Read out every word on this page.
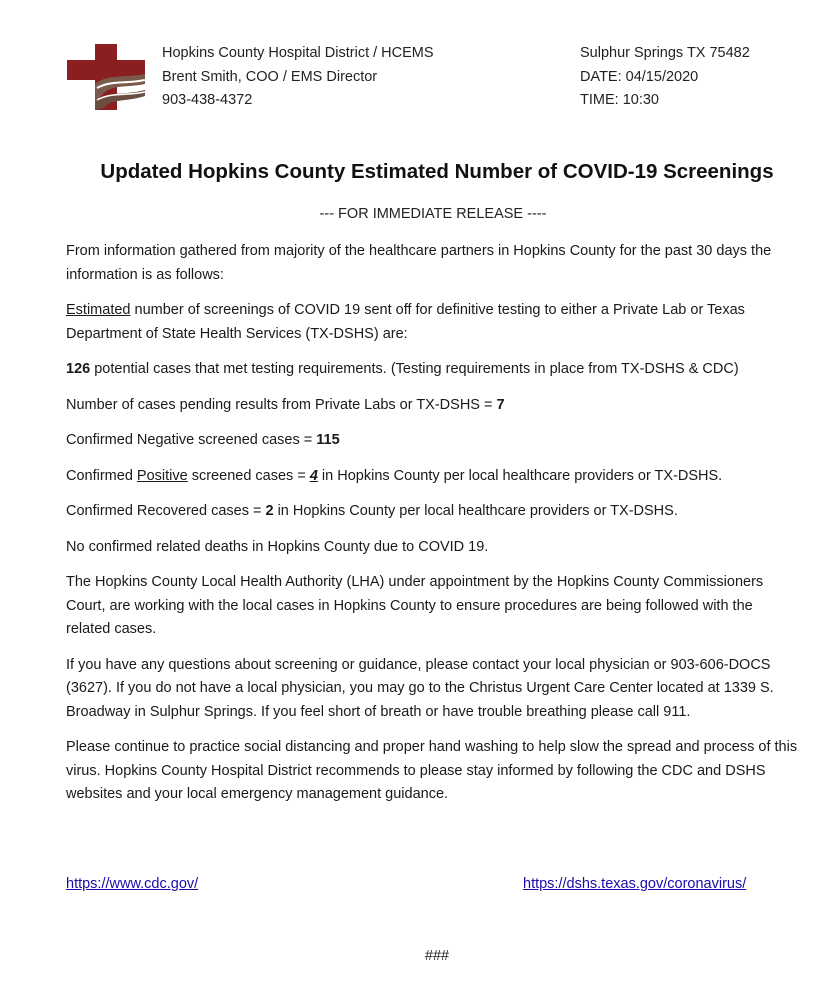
Hopkins County Hospital District / HCEMS
Brent Smith, COO / EMS Director
903-438-4372
Sulphur Springs TX 75482
DATE: 04/15/2020
TIME: 10:30
Updated Hopkins County Estimated Number of COVID-19 Screenings
--- FOR IMMEDIATE RELEASE ----

From information gathered from majority of the healthcare partners in Hopkins County for the past 30 days the information is as follows:

Estimated number of screenings of COVID 19 sent off for definitive testing to either a Private Lab or Texas Department of State Health Services (TX-DSHS) are:

126 potential cases that met testing requirements. (Testing requirements in place from TX-DSHS & CDC)

Number of cases pending results from Private Labs or TX-DSHS = 7

Confirmed Negative screened cases = 115

Confirmed Positive screened cases = 4 in Hopkins County per local healthcare providers or TX-DSHS.

Confirmed Recovered cases = 2 in Hopkins County per local healthcare providers or TX-DSHS.

No confirmed related deaths in Hopkins County due to COVID 19.

The Hopkins County Local Health Authority (LHA) under appointment by the Hopkins County Commissioners Court, are working with the local cases in Hopkins County to ensure procedures are being followed with the related cases.

If you have any questions about screening or guidance, please contact your local physician or 903-606-DOCS (3627). If you do not have a local physician, you may go to the Christus Urgent Care Center located at 1339 S. Broadway in Sulphur Springs. If you feel short of breath or have trouble breathing please call 911.

Please continue to practice social distancing and proper hand washing to help slow the spread and process of this virus. Hopkins County Hospital District recommends to please stay informed by following the CDC and DSHS websites and your local emergency management guidance.

https://www.cdc.gov/	https://dshs.texas.gov/coronavirus/
###
